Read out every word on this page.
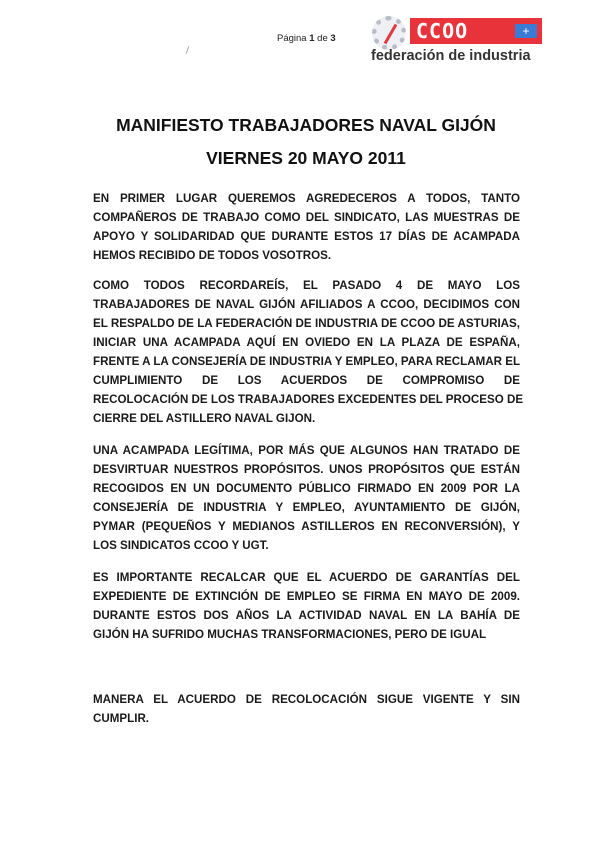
Página 1 de 3	CCOO	+
federación de industria
MANIFIESTO TRABAJADORES NAVAL GIJÓN
VIERNES 20 MAYO 2011
EN PRIMER LUGAR QUEREMOS AGREDECEROS A TODOS, TANTO
COMPAÑEROS DE TRABAJO COMO DEL SINDICATO, LAS MUESTRAS DE
APOYO Y SOLIDARIDAD QUE DURANTE ESTOS 17 DÍAS DE ACAMPADA
HEMOS RECIBIDO DE TODOS VOSOTROS.
COMO TODOS RECORDAREÍS, EL PASADO 4 DE MAYO LOS
TRABAJADORES DE NAVAL GIJÓN AFILIADOS A CCOO, DECIDIMOS CON
EL RESPALDO DE LA FEDERACIÓN DE INDUSTRIA DE CCOO DE ASTURIAS,
INICIAR UNA ACAMPADA AQUÍ EN OVIEDO EN LA PLAZA DE ESPAÑA,
FRENTE A LA CONSEJERÍA DE INDUSTRIA Y EMPLEO, PARA RECLAMAR EL
CUMPLIMIENTO DE LOS ACUERDOS DE COMPROMISO DE
RECOLOCACIÓN DE LOS TRABAJADORES EXCEDENTES DEL PROCESO DE
CIERRE DEL ASTILLERO NAVAL GIJON.
UNA ACAMPADA LEGÍTIMA, POR MÁS QUE ALGUNOS HAN TRATADO DE
DESVIRTUAR NUESTROS PROPÓSITOS. UNOS PROPÓSITOS QUE ESTÁN
RECOGIDOS EN UN DOCUMENTO PÚBLICO FIRMADO EN 2009 POR LA
CONSEJERÍA DE INDUSTRIA Y EMPLEO, AYUNTAMIENTO DE GIJÓN,
PYMAR (PEQUEÑOS Y MEDIANOS ASTILLEROS EN RECONVERSIÓN), Y
LOS SINDICATOS CCOO Y UGT.
ES IMPORTANTE RECALCAR QUE EL ACUERDO DE GARANTÍAS DEL
EXPEDIENTE DE EXTINCIÓN DE EMPLEO SE FIRMA EN MAYO DE 2009.
DURANTE ESTOS DOS AÑOS LA ACTIVIDAD NAVAL EN LA BAHÍA DE
GIJÓN HA SUFRIDO MUCHAS TRANSFORMACIONES, PERO DE IGUAL
MANERA EL ACUERDO DE RECOLOCACIÓN SIGUE VIGENTE Y SIN
CUMPLIR.
